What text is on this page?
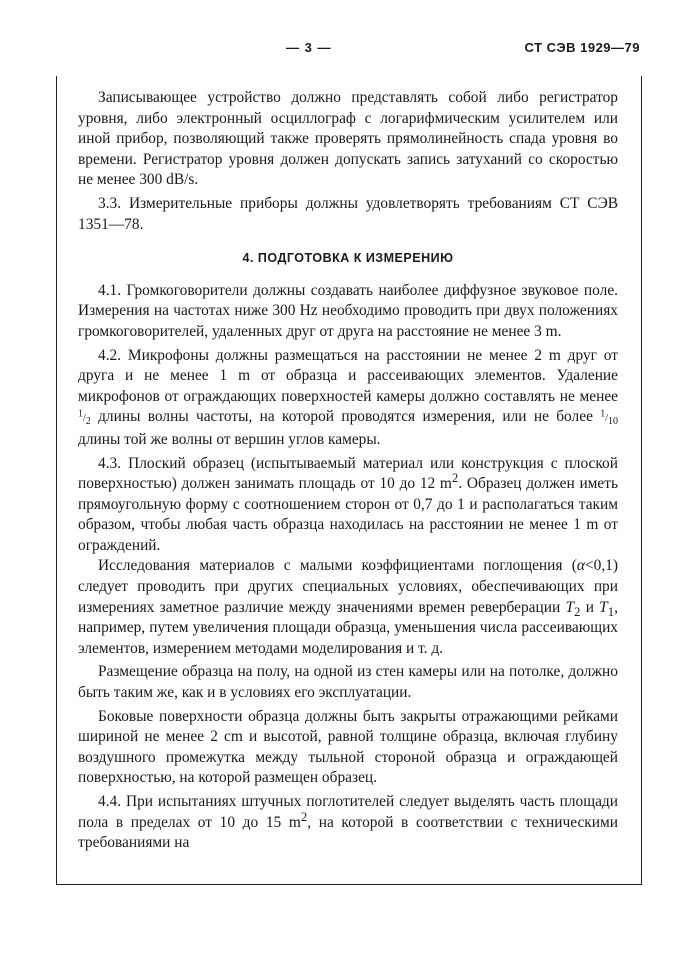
— 3 —	СТ СЭВ 1929—79

Записывающее устройство должно представлять собой либо регистратор уровня, либо электронный осциллограф с логарифмическим усилителем или иной прибор, позволяющий также проверять прямолинейность спада уровня во времени. Регистратор уровня должен допускать запись затуханий со скоростью не менее 300 dB/s.

3.3. Измерительные приборы должны удовлетворять требованиям СТ СЭВ 1351—78.

4. ПОДГОТОВКА К ИЗМЕРЕНИЮ

4.1. Громкоговорители должны создавать наиболее диффузное звуковое поле. Измерения на частотах ниже 300 Hz необходимо проводить при двух положениях громкоговорителей, удаленных друг от друга на расстояние не менее 3 m.

4.2. Микрофоны должны размещаться на расстоянии не менее 2 m друг от друга и не менее 1 m от образца и рассеивающих элементов. Удаление микрофонов от ограждающих поверхностей камеры должно составлять не менее $^1/_2$ длины волны частоты, на которой проводятся измерения, или не более $^1/_{10}$ длины той же волны от вершин углов камеры.

4.3. Плоский образец (испытываемый материал или конструкция с плоской поверхностью) должен занимать площадь от 10 до 12 $m^2$. Образец должен иметь прямоугольную форму с соотношением сторон от 0,7 до 1 и располагаться таким образом, чтобы любая часть образца находилась на расстоянии не менее 1 m от ограждений.

Исследования материалов с малыми коэффициентами поглощения (α<0,1) следует проводить при других специальных условиях, обеспечивающих при измерениях заметное различие между значениями времен реверберации $T_2$ и $T_1$, например, путем увеличения площади образца, уменьшения числа рассеивающих элементов, измерением методами моделирования и т. д.

Размещение образца на полу, на одной из стен камеры или на потолке, должно быть таким же, как и в условиях его эксплуатации.

Боковые поверхности образца должны быть закрыты отражающими рейками шириной не менее 2 cm и высотой, равной толщине образца, включая глубину воздушного промежутка между тыльной стороной образца и ограждающей поверхностью, на которой размещен образец.

4.4. При испытаниях штучных поглотителей следует выделять часть площади пола в пределах от 10 до 15 $m^2$, на которой в соответствии с техническими требованиями на
